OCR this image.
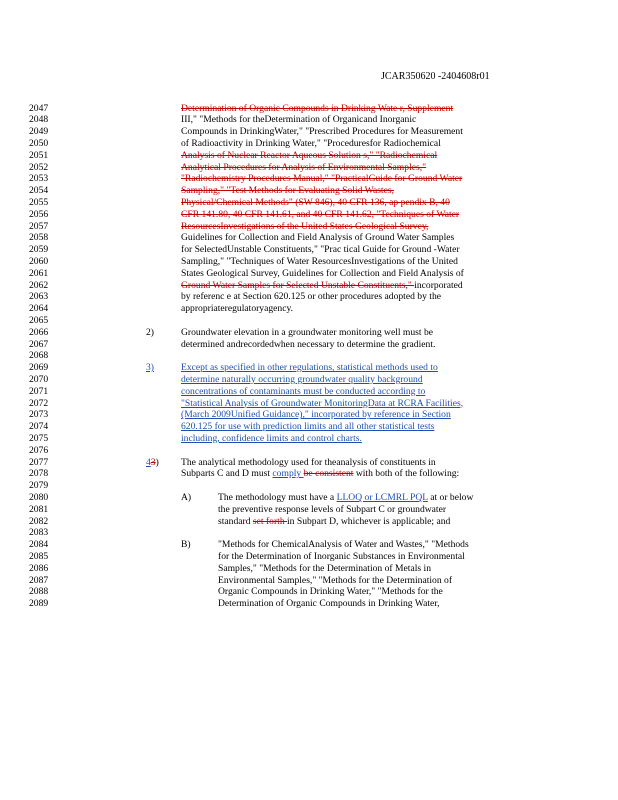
JCAR350620 -2404608r01
2047	Determination of Organic Compounds in Drinking Wate r, Supplement
2048	III," "Methods for theDetermination of Organicand Inorganic
2049	Compounds in DrinkingWater," "Prescribed Procedures for Measurement
2050	of Radioactivity in Drinking Water," "Proceduresfor Radiochemical
2051	Analysis of Nuclear Reactor Aqueous Solution s," "Radiochemical
2052	Analytical Procedures for Analysis of Environmental Samples,"
2053	"Radiochemistry Procedures Manual," "PracticalGuide for Ground Water
2054	Sampling," "Test Methods for Evaluating Solid Wastes,
2055	Physical/Chemical Methods" (SW 846), 40 CFR 136, ap pendix B, 40
2056	CFR 141.80, 40 CFR 141.61, and 40 CFR 141.62, "Techniques of Water
2057	ResourcesInvestigations of the United States Geological Survey,
2058	Guidelines for Collection and Field Analysis of Ground Water Samples
2059	for SelectedUnstable Constituents," "Prac tical Guide for Ground -Water
2060	Sampling," "Techniques of Water ResourcesInvestigations of the United
2061	States Geological Survey, Guidelines for Collection and Field Analysis of
2062	Ground Water Samples for Selected Unstable Constituents," incorporated
2063	by referenc e at Section 620.125 or other procedures adopted by the
2064	appropriateregulatoryagency.
2065
2066	2)	Groundwater elevation in a groundwater monitoring well must be
2067	determined andrecordedwhen necessary to determine the gradient.
2068
2069	3)	Except as specified in other regulations, statistical methods used to
2070	determine naturally occurring groundwater quality background
2071	concentrations of contaminants must be conducted according to
2072	"Statistical Analysis of Groundwater MonitoringData at RCRA Facilities,
2073	(March 2009Unified Guidance)," incorporated by reference in Section
2074	620.125 for use with prediction limits and all other statistical tests
2075	including, confidence limits and control charts.
2076
2077	43) The analytical methodology used for theanalysis of constituents in
2078	Subparts C and D must comply be consistent with both of the following:
2079
2080	A)	The methodology must have a LLOQ or LCMRL PQL at or below
2081	the preventive response levels of Subpart C or groundwater
2082	standard set forth in Subpart D, whichever is applicable; and
2083
2084	B)	"Methods for ChemicalAnalysis of Water and Wastes," "Methods
2085	for the Determination of Inorganic Substances in Environmental
2086	Samples," "Methods for the Determination of Metals in
2087	Environmental Samples," "Methods for the Determination of
2088	Organic Compounds in Drinking Water," "Methods for the
2089	Determination of Organic Compounds in Drinking Water,
